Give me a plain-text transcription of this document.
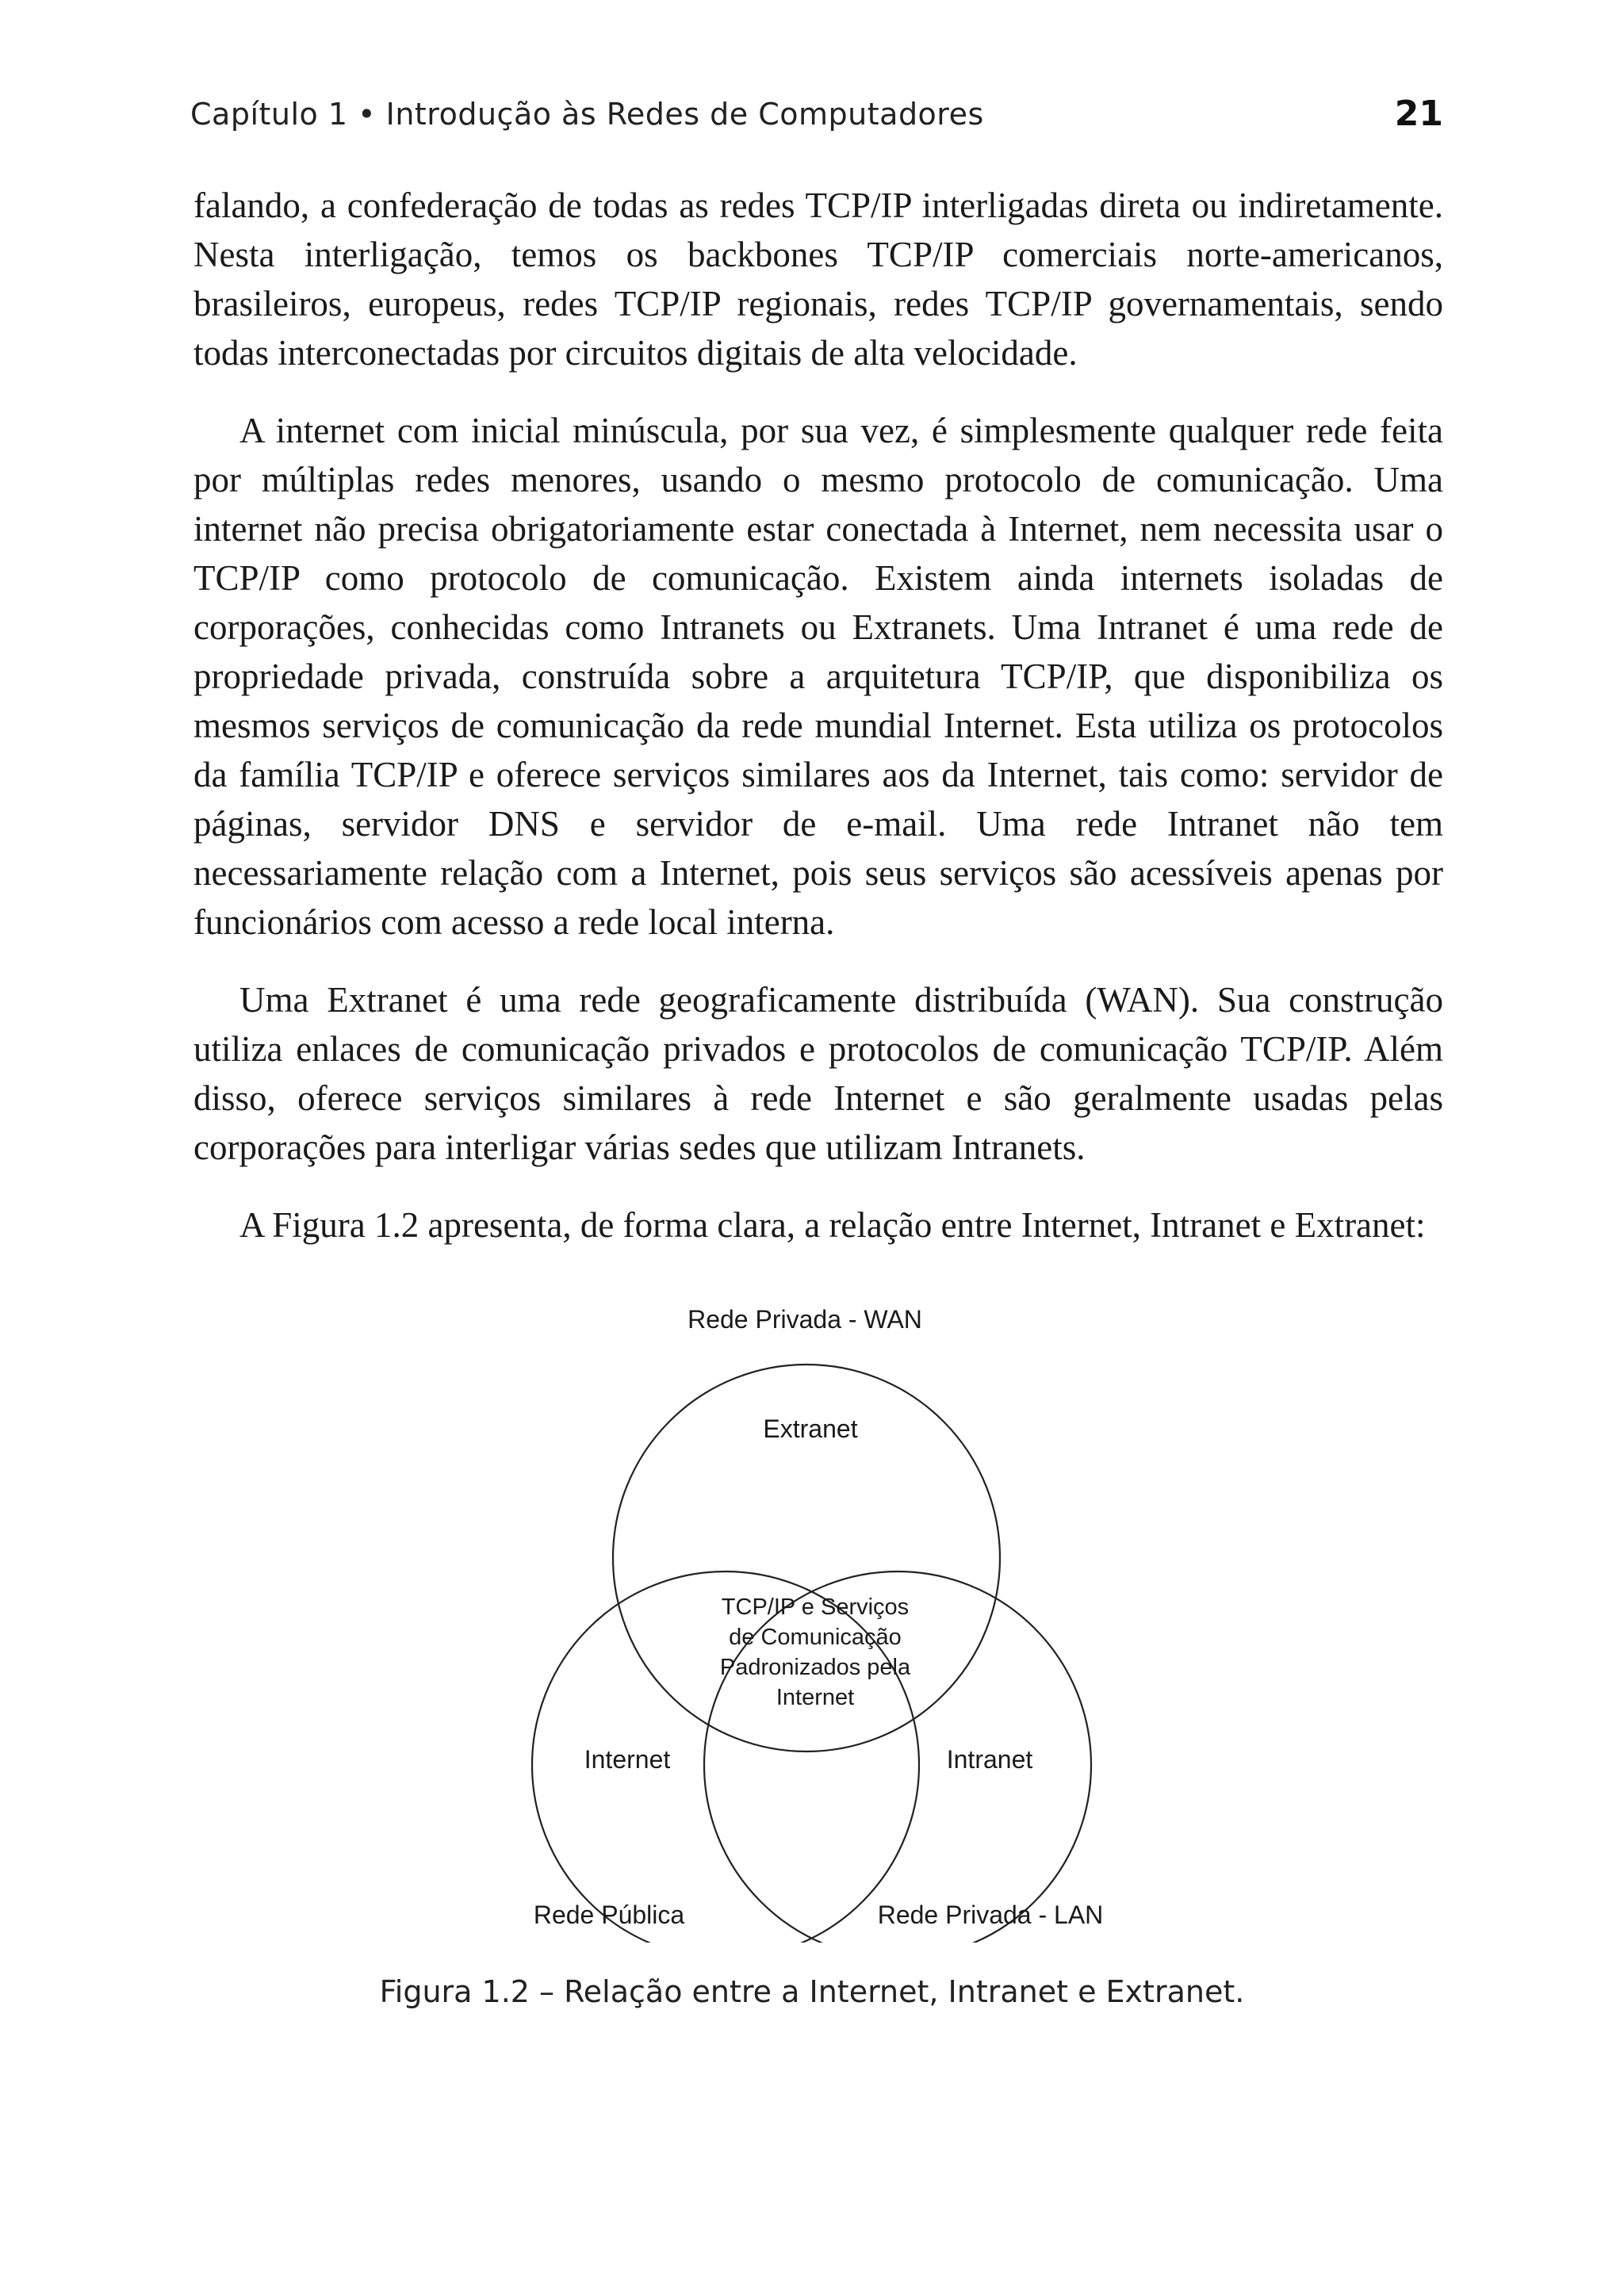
Capítulo 1 • Introdução às Redes de Computadores	21

falando, a confederação de todas as redes TCP/IP interligadas direta ou indiretamente. Nesta interligação, temos os backbones TCP/IP comerciais norte-americanos, brasileiros, europeus, redes TCP/IP regionais, redes TCP/IP governamentais, sendo todas interconectadas por circuitos digitais de alta velocidade.

A internet com inicial minúscula, por sua vez, é simplesmente qualquer rede feita por múltiplas redes menores, usando o mesmo protocolo de comunicação. Uma internet não precisa obrigatoriamente estar conectada à Internet, nem necessita usar o TCP/IP como protocolo de comunicação. Existem ainda internets isoladas de corporações, conhecidas como Intranets ou Extranets. Uma Intranet é uma rede de propriedade privada, construída sobre a arquitetura TCP/IP, que disponibiliza os mesmos serviços de comunicação da rede mundial Internet. Esta utiliza os protocolos da família TCP/IP e oferece serviços similares aos da Internet, tais como: servidor de páginas, servidor DNS e servidor de e-mail. Uma rede Intranet não tem necessariamente relação com a Internet, pois seus serviços são acessíveis apenas por funcionários com acesso a rede local interna.

Uma Extranet é uma rede geograficamente distribuída (WAN). Sua construção utiliza enlaces de comunicação privados e protocolos de comunicação TCP/IP. Além disso, oferece serviços similares à rede Internet e são geralmente usadas pelas corporações para interligar várias sedes que utilizam Intranets.

A Figura 1.2 apresenta, de forma clara, a relação entre Internet, Intranet e Extranet:

Rede Privada - WAN
Extranet
TCP/IP e Serviços
de Comunicação
Padronizados pela
Internet
Internet	Intranet
Rede Pública	Rede Privada - LAN
Figura 1.2 – Relação entre a Internet, Intranet e Extranet.
